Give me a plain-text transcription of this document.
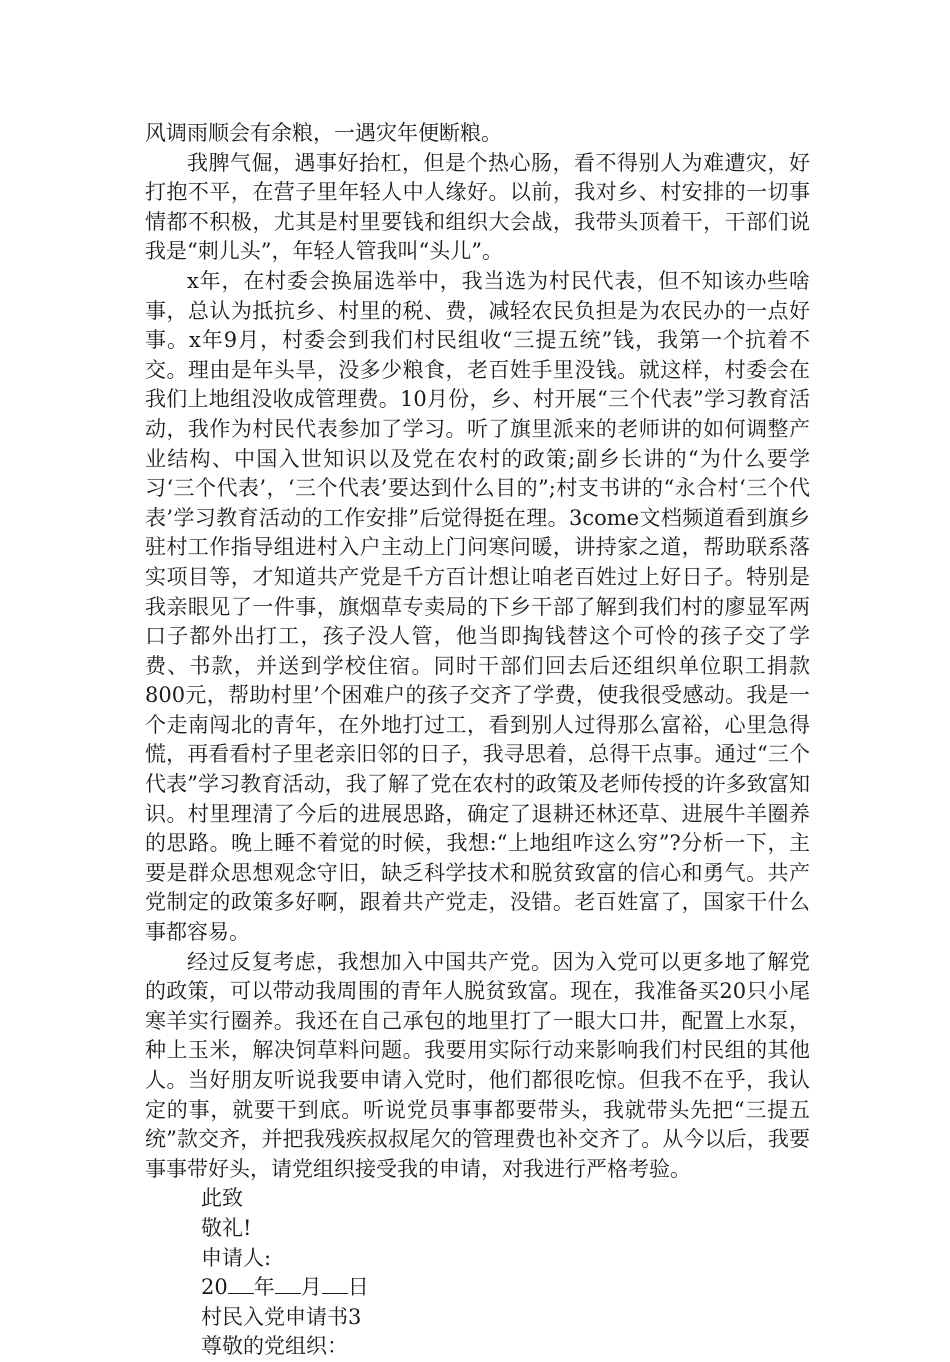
风调雨顺会有余粮，一遇灾年便断粮。

我脾气倔，遇事好抬杠，但是个热心肠，看不得别人为难遭灾，好打抱不平，在营子里年轻人中人缘好。以前，我对乡、村安排的一切事情都不积极，尤其是村里要钱和组织大会战，我带头顶着干，干部们说我是“刺儿头”，年轻人管我叫“头儿”。

x年，在村委会换届选举中，我当选为村民代表，但不知该办些啥事，总认为抵抗乡、村里的税、费，减轻农民负担是为农民办的一点好事。x年9月，村委会到我们村民组收“三提五统”钱，我第一个抗着不交。理由是年头旱，没多少粮食，老百姓手里没钱。就这样，村委会在我们上地组没收成管理费。10月份，乡、村开展“三个代表”学习教育活动，我作为村民代表参加了学习。听了旗里派来的老师讲的如何调整产业结构、中国入世知识以及党在农村的政策;副乡长讲的“为什么要学习‘三个代表’，‘三个代表’要达到什么目的”;村支书讲的“永合村‘三个代表’学习教育活动的工作安排”后觉得挺在理。3come文档频道看到旗乡驻村工作指导组进村入户主动上门问寒问暖，讲持家之道，帮助联系落实项目等，才知道共产党是千方百计想让咱老百姓过上好日子。特别是我亲眼见了一件事，旗烟草专卖局的下乡干部了解到我们村的廖显军两口子都外出打工，孩子没人管，他当即掏钱替这个可怜的孩子交了学费、书款，并送到学校住宿。同时干部们回去后还组织单位职工捐款800元，帮助村里’个困难户的孩子交齐了学费，使我很受感动。我是一个走南闯北的青年，在外地打过工，看到别人过得那么富裕，心里急得慌，再看看村子里老亲旧邻的日子，我寻思着，总得干点事。通过“三个代表”学习教育活动，我了解了党在农村的政策及老师传授的许多致富知识。村里理清了今后的进展思路，确定了退耕还林还草、进展牛羊圈养的思路。晚上睡不着觉的时候，我想:“上地组咋这么穷”?分析一下，主要是群众思想观念守旧，缺乏科学技术和脱贫致富的信心和勇气。共产党制定的政策多好啊，跟着共产党走，没错。老百姓富了，国家干什么事都容易。

经过反复考虑，我想加入中国共产党。因为入党可以更多地了解党的政策，可以带动我周围的青年人脱贫致富。现在，我准备买20只小尾寒羊实行圈养。我还在自己承包的地里打了一眼大口井，配置上水泵，种上玉米，解决饲草料问题。我要用实际行动来影响我们村民组的其他人。当好朋友听说我要申请入党时，他们都很吃惊。但我不在乎，我认定的事，就要干到底。听说党员事事都要带头，我就带头先把“三提五统”款交齐，并把我残疾叔叔尾欠的管理费也补交齐了。从今以后，我要事事带好头，请党组织接受我的申请，对我进行严格考验。

此致

敬礼!

申请人:

20 年 月 日

村民入党申请书3

尊敬的党组织：
